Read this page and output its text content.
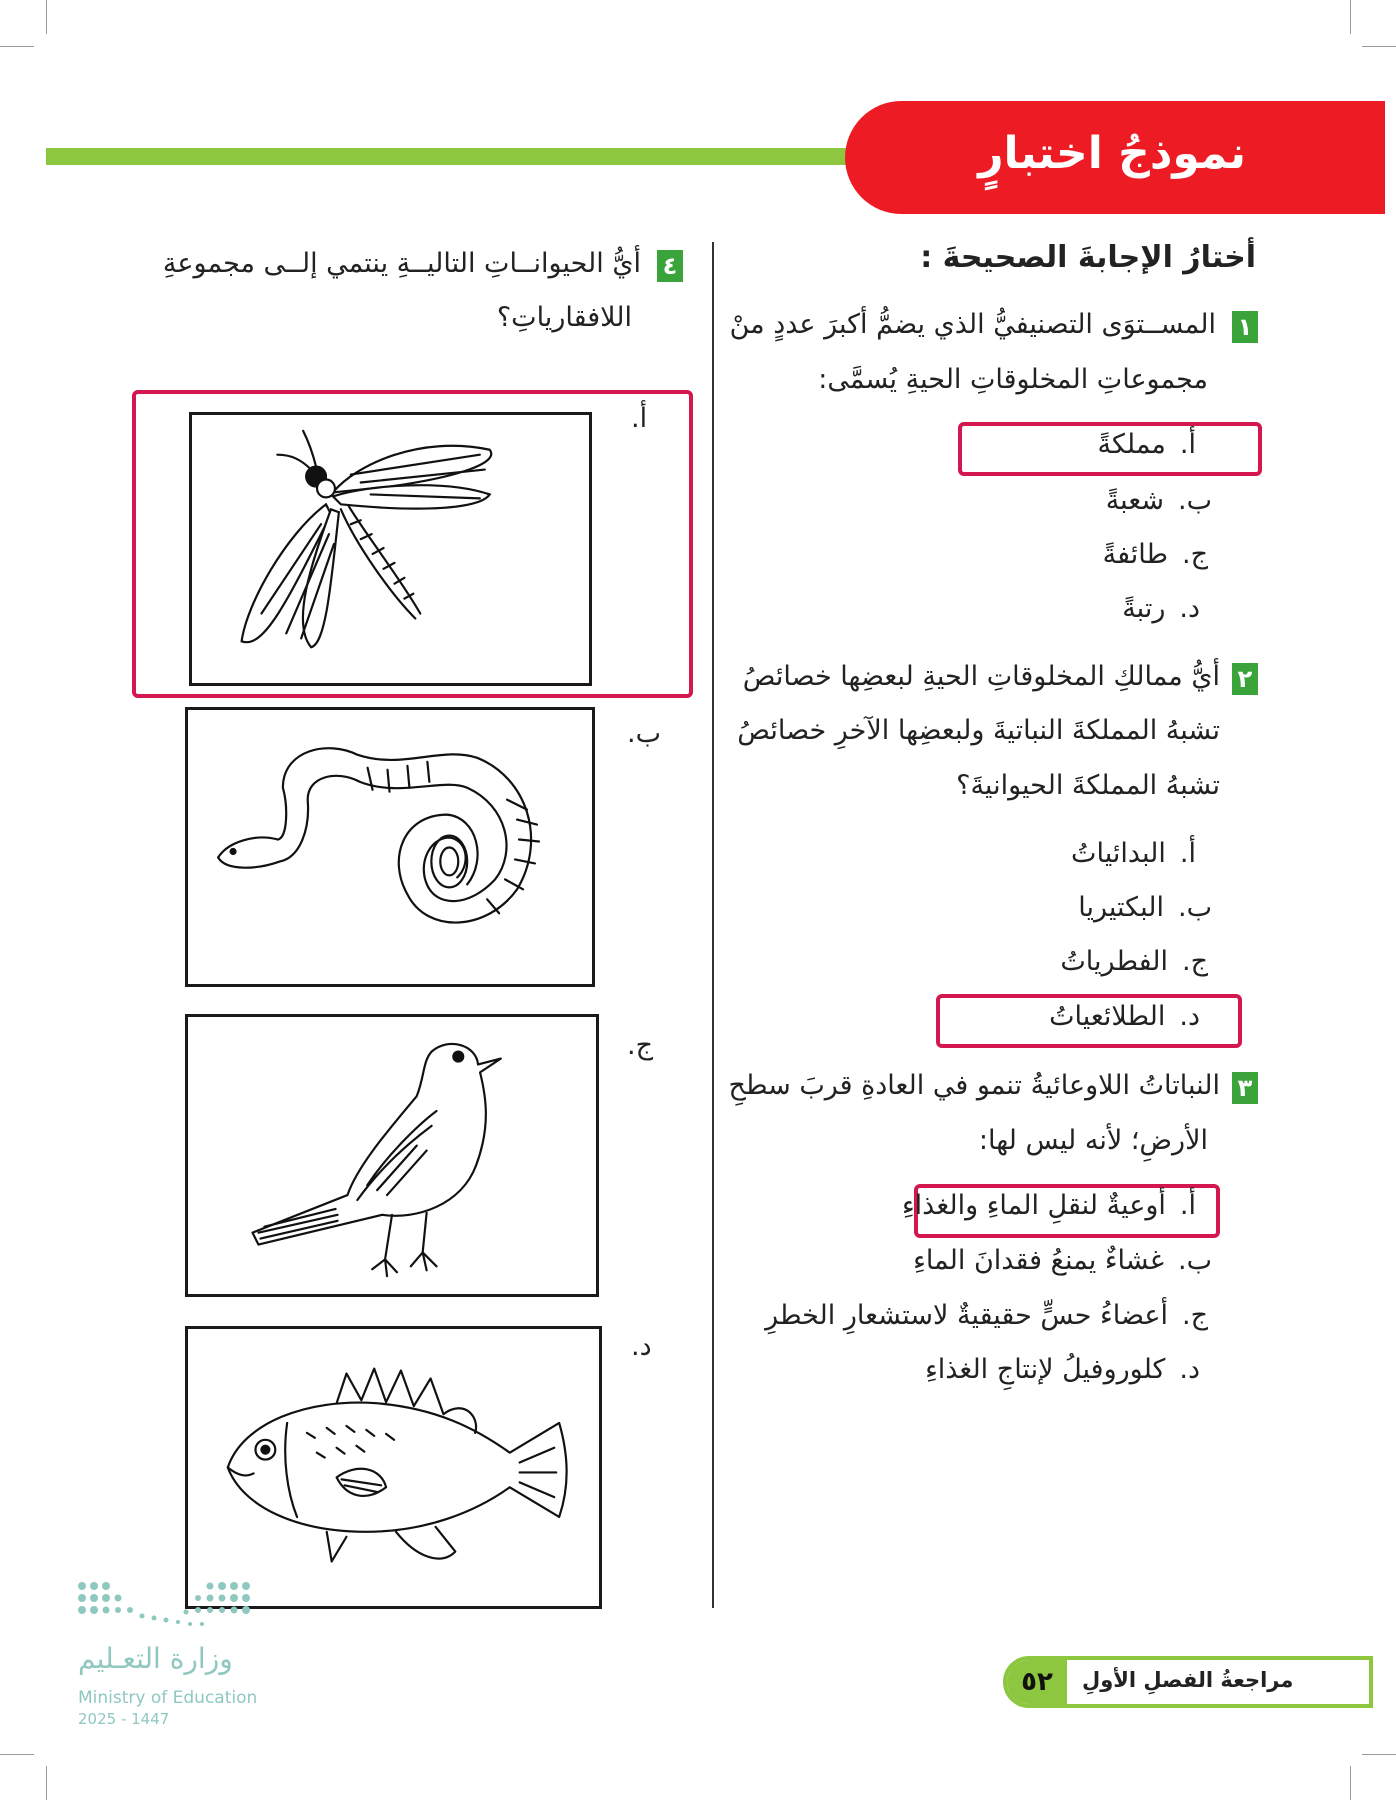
نموذجُ اختبارٍ
أختارُ الإجابةَ الصحيحةَ :
١
المســتوَى التصنيفيُّ الذي يضمُّ أكبرَ عددٍ منْ
مجموعاتِ المخلوقاتِ الحيةِ يُسمَّى:
أ.مملكةً
ب.شعبةً
ج.طائفةً
د.رتبةً
٢
أيُّ ممالكِ المخلوقاتِ الحيةِ لبعضِها خصائصُ
تشبهُ المملكةَ النباتيةَ ولبعضِها الآخرِ خصائصُ
تشبهُ المملكةَ الحيوانيةَ؟
أ.البدائياتُ
ب.البكتيريا
ج.الفطرياتُ
د.الطلائعياتُ
٣
النباتاتُ اللاوعائيةُ تنمو في العادةِ قربَ سطحِ
الأرضِ؛ لأنه ليس لها:
أ.أوعيةٌ لنقلِ الماءِ والغذاءِ
ب.غشاءٌ يمنعُ فقدانَ الماءِ
ج.أعضاءُ حسٍّ حقيقيةٌ لاستشعارِ الخطرِ
د.كلوروفيلُ لإنتاجِ الغذاءِ
٤
أيُّ الحيوانــاتِ التاليــةِ ينتمي إلــى مجموعةِ
اللافقارياتِ؟
أ.
ب.
ج.
د.
وزارة التعـليم
Ministry of Education
2025 - 1447
٥٢	مراجعةُ الفصلِ الأولِ
